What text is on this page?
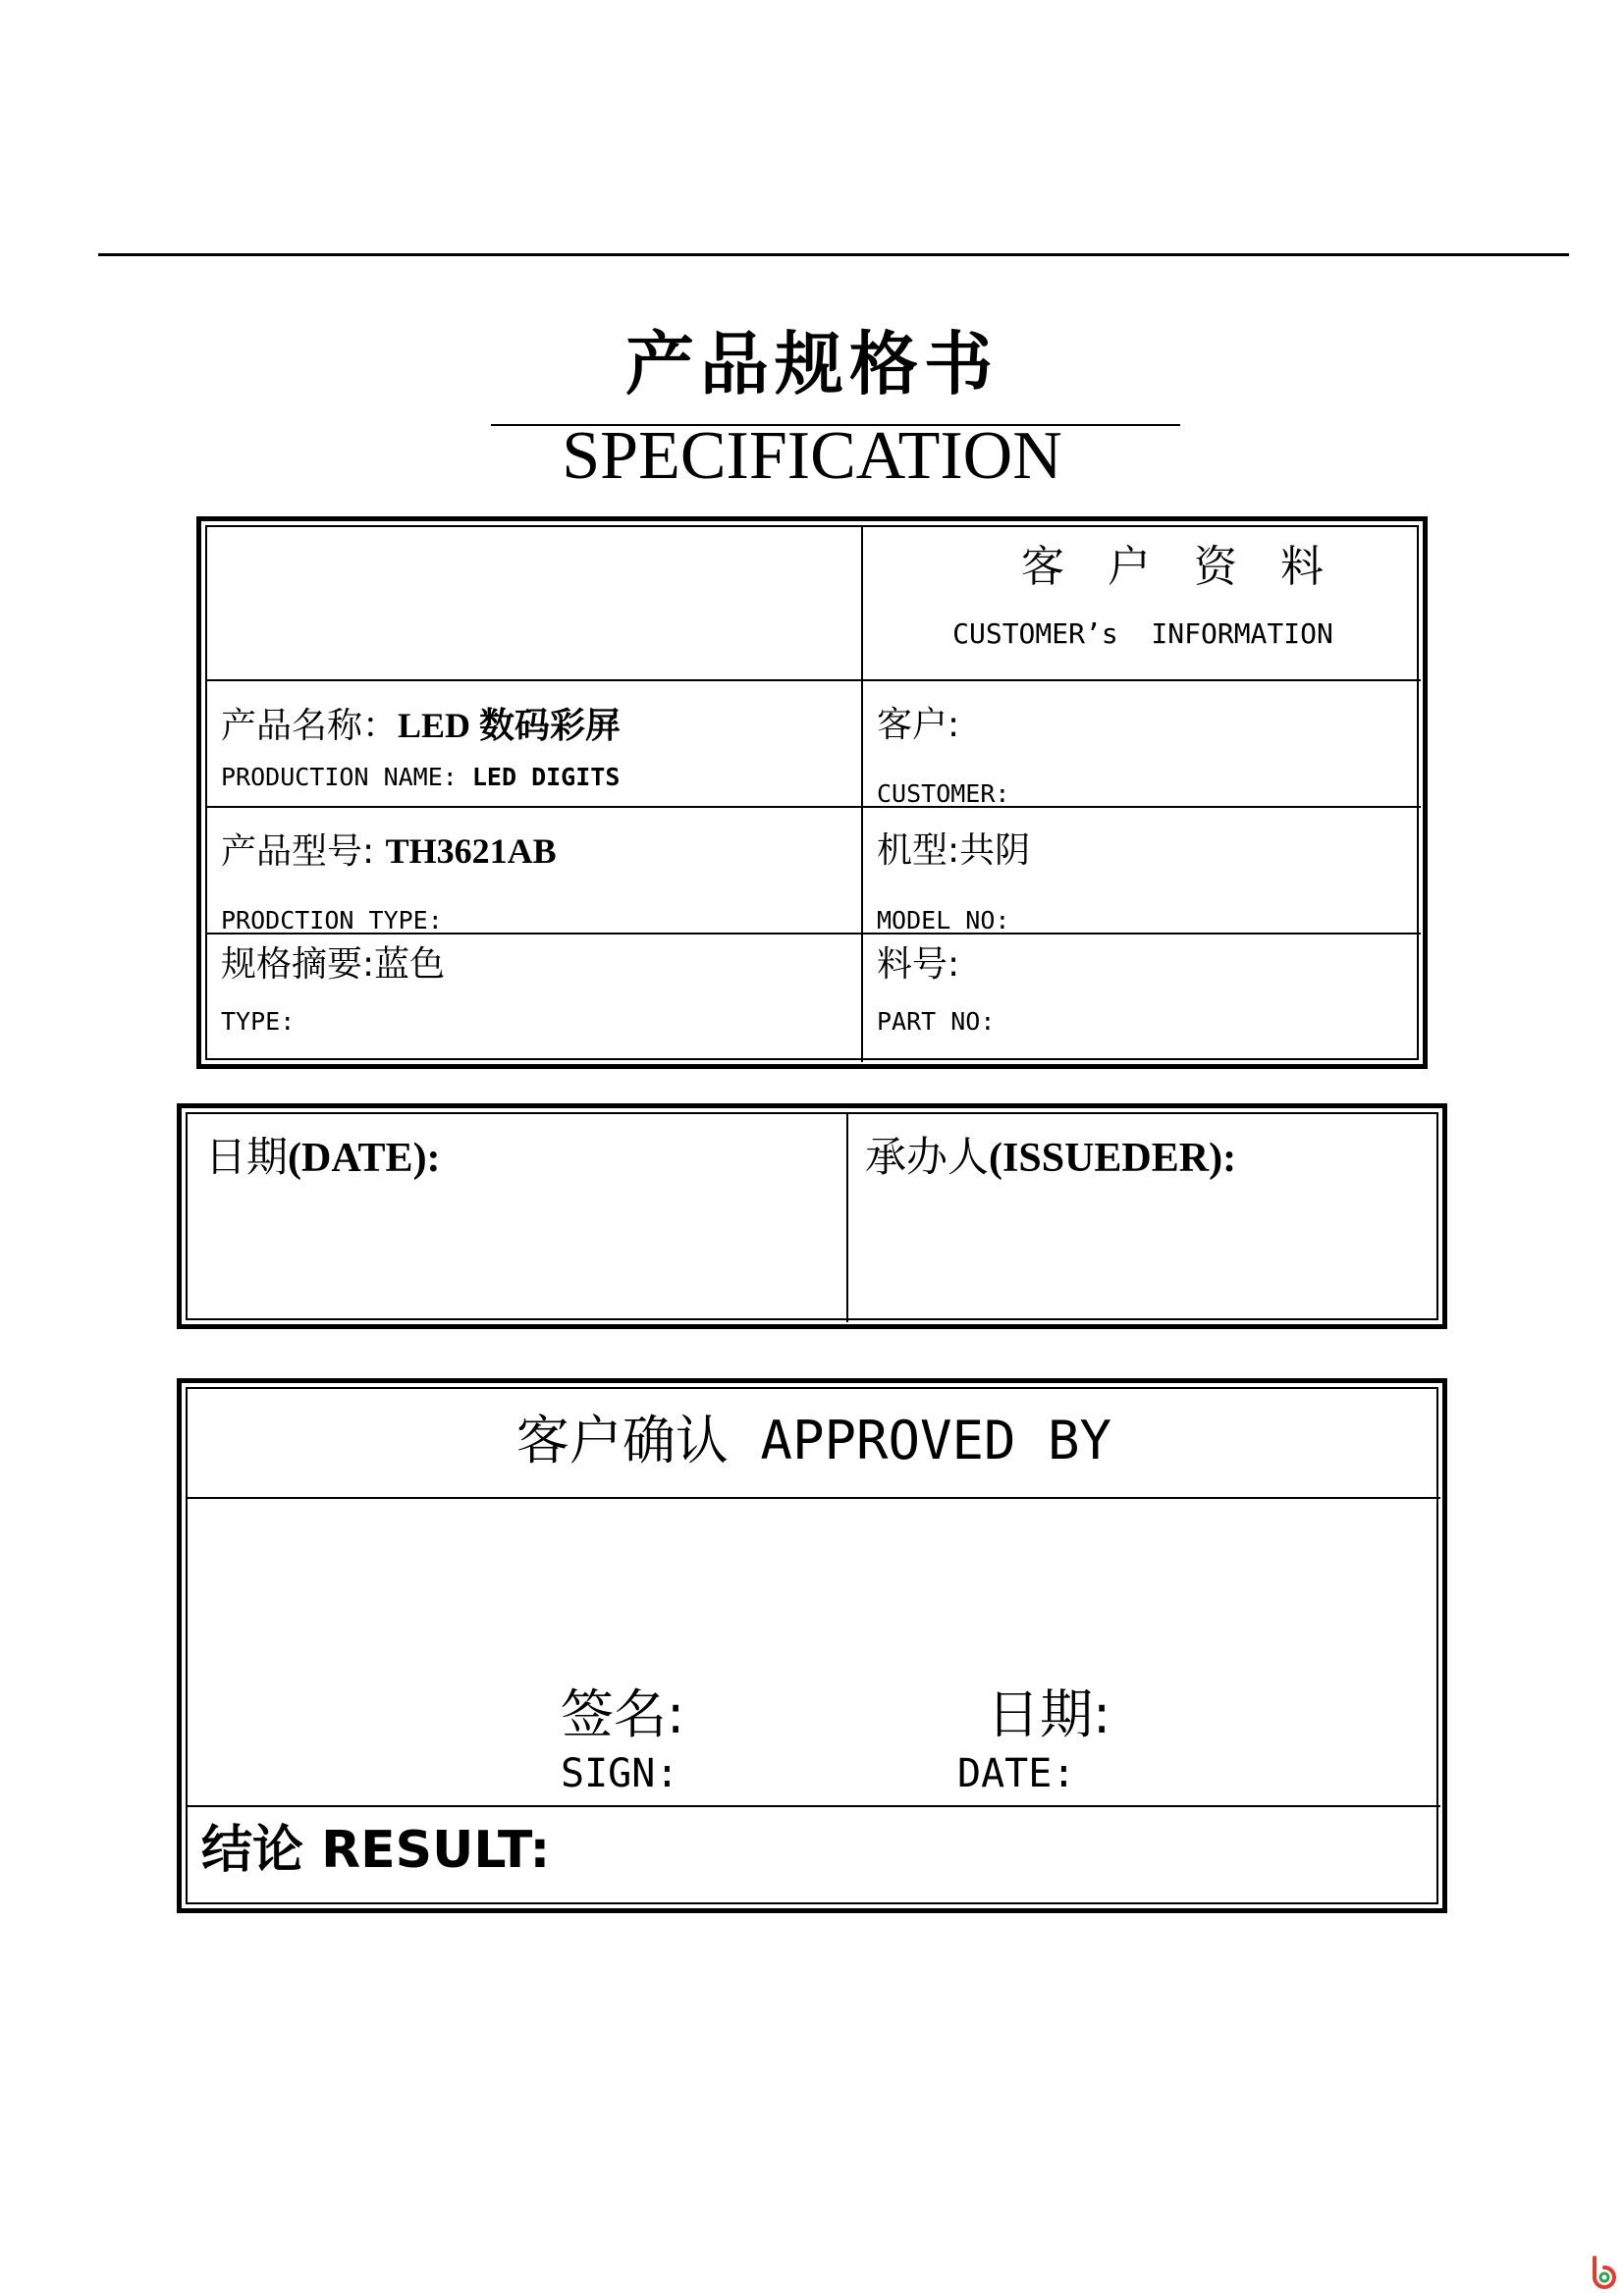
产品规格书
SPECIFICATION
客户资料
CUSTOMER’s  INFORMATION
产品名称：LED 数码彩屏
PRODUCTION NAME: LED DIGITS
客户:
CUSTOMER:
产品型号: TH3621AB
PRODCTION TYPE:
机型:共阴
MODEL NO:
规格摘要:蓝色
TYPE:
料号:
PART NO:
日期(DATE):	承办人(ISSUEDER):
客户确认 APPROVED BY
签名:
SIGN:
日期:
DATE:
结论 RESULT:
